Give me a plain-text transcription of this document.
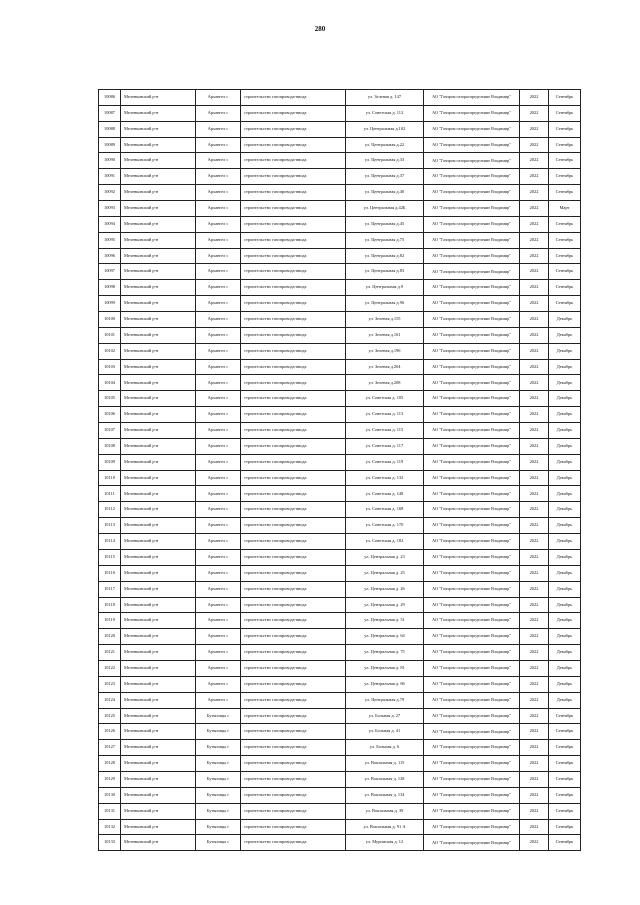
280
10086	Меленковский р-н	Архангел с	строительство газопровода-ввода	ул. Зеленая д. 147	АО "Газпром газораспределение Владимир"	2022	Сентябрь
10087	Меленковский р-н	Архангел с	строительство газопровода-ввода	ул. Советская д. 112	АО "Газпром газораспределение Владимир"	2022	Сентябрь
10088	Меленковский р-н	Архангел с	строительство газопровода-ввода	ул. Центральная д.102	АО "Газпром газораспределение Владимир"	2022	Сентябрь
10089	Меленковский р-н	Архангел с	строительство газопровода-ввода	ул. Центральная д.22	АО "Газпром газораспределение Владимир"	2022	Сентябрь
10090	Меленковский р-н	Архангел с	строительство газопровода-ввода	ул. Центральная д.33	АО "Газпром газораспределение Владимир"	2022	Сентябрь
10091	Меленковский р-н	Архангел с	строительство газопровода-ввода	ул. Центральная д.37	АО "Газпром газораспределение Владимир"	2022	Сентябрь
10092	Меленковский р-н	Архангел с	строительство газопровода-ввода	ул. Центральная д.40	АО "Газпром газораспределение Владимир"	2022	Сентябрь
10093	Меленковский р-н	Архангел с	строительство газопровода-ввода	ул. Центральная д.42Б	АО "Газпром газораспределение Владимир"	2022	Март
10094	Меленковский р-н	Архангел с	строительство газопровода-ввода	ул. Центральная д.45	АО "Газпром газораспределение Владимир"	2022	Сентябрь
10095	Меленковский р-н	Архангел с	строительство газопровода-ввода	ул. Центральная д.75	АО "Газпром газораспределение Владимир"	2022	Сентябрь
10096	Меленковский р-н	Архангел с	строительство газопровода-ввода	ул. Центральная д.82	АО "Газпром газораспределение Владимир"	2022	Сентябрь
10097	Меленковский р-н	Архангел с	строительство газопровода-ввода	ул. Центральная д.83	АО "Газпром газораспределение Владимир"	2022	Сентябрь
10098	Меленковский р-н	Архангел с	строительство газопровода-ввода	ул. Центральная д.9	АО "Газпром газораспределение Владимир"	2022	Сентябрь
10099	Меленковский р-н	Архангел с	строительство газопровода-ввода	ул. Центральная д.96	АО "Газпром газораспределение Владимир"	2022	Сентябрь
10100	Меленковский р-н	Архангел с	строительство газопровода-ввода	ул. Зеленая д.155	АО "Газпром газораспределение Владимир"	2022	Декабрь
10101	Меленковский р-н	Архангел с	строительство газопровода-ввода	ул. Зеленая д.161	АО "Газпром газораспределение Владимир"	2022	Декабрь
10102	Меленковский р-н	Архангел с	строительство газопровода-ввода	ул. Зеленая д.196	АО "Газпром газораспределение Владимир"	2022	Декабрь
10103	Меленковский р-н	Архангел с	строительство газопровода-ввода	ул. Зеленая д.204	АО "Газпром газораспределение Владимир"	2022	Декабрь
10104	Меленковский р-н	Архангел с	строительство газопровода-ввода	ул. Зеленая д.208	АО "Газпром газораспределение Владимир"	2022	Декабрь
10105	Меленковский р-н	Архангел с	строительство газопровода-ввода	ул. Советская д. 105	АО "Газпром газораспределение Владимир"	2022	Декабрь
10106	Меленковский р-н	Архангел с	строительство газопровода-ввода	ул. Советская д. 113	АО "Газпром газораспределение Владимир"	2022	Декабрь
10107	Меленковский р-н	Архангел с	строительство газопровода-ввода	ул. Советская д. 115	АО "Газпром газораспределение Владимир"	2022	Декабрь
10108	Меленковский р-н	Архангел с	строительство газопровода-ввода	ул. Советская д. 117	АО "Газпром газораспределение Владимир"	2022	Декабрь
10109	Меленковский р-н	Архангел с	строительство газопровода-ввода	ул. Советская д. 119	АО "Газпром газораспределение Владимир"	2022	Декабрь
10110	Меленковский р-н	Архангел с	строительство газопровода-ввода	ул. Советская д. 132	АО "Газпром газораспределение Владимир"	2022	Декабрь
10111	Меленковский р-н	Архангел с	строительство газопровода-ввода	ул. Советская д. 148	АО "Газпром газораспределение Владимир"	2022	Декабрь
10112	Меленковский р-н	Архангел с	строительство газопровода-ввода	ул. Советская д. 168	АО "Газпром газораспределение Владимир"	2022	Декабрь
10113	Меленковский р-н	Архангел с	строительство газопровода-ввода	ул. Советская д. 170	АО "Газпром газораспределение Владимир"	2022	Декабрь
10114	Меленковский р-н	Архангел с	строительство газопровода-ввода	ул. Советская д. 182	АО "Газпром газораспределение Владимир"	2022	Декабрь
10115	Меленковский р-н	Архангел с	строительство газопровода-ввода	ул. Центральная д. 23	АО "Газпром газораспределение Владимир"	2022	Декабрь
10116	Меленковский р-н	Архангел с	строительство газопровода-ввода	ул. Центральная д. 25	АО "Газпром газораспределение Владимир"	2022	Декабрь
10117	Меленковский р-н	Архангел с	строительство газопровода-ввода	ул. Центральная д. 26	АО "Газпром газораспределение Владимир"	2022	Декабрь
10118	Меленковский р-н	Архангел с	строительство газопровода-ввода	ул. Центральная д. 29	АО "Газпром газораспределение Владимир"	2022	Декабрь
10119	Меленковский р-н	Архангел с	строительство газопровода-ввода	ул. Центральная д. 51	АО "Газпром газораспределение Владимир"	2022	Декабрь
10120	Меленковский р-н	Архангел с	строительство газопровода-ввода	ул. Центральная д. 64	АО "Газпром газораспределение Владимир"	2022	Декабрь
10121	Меленковский р-н	Архангел с	строительство газопровода-ввода	ул. Центральная д. 75	АО "Газпром газораспределение Владимир"	2022	Декабрь
10122	Меленковский р-н	Архангел с	строительство газопровода-ввода	ул. Центральная д. 81	АО "Газпром газораспределение Владимир"	2022	Декабрь
10123	Меленковский р-н	Архангел с	строительство газопровода-ввода	ул. Центральная д. 86	АО "Газпром газораспределение Владимир"	2022	Декабрь
10124	Меленковский р-н	Архангел с	строительство газопровода-ввода	ул. Центральная д.79	АО "Газпром газораспределение Владимир"	2022	Декабрь
10125	Меленковский р-н	Бутылицы с	строительство газопровода-ввода	ул. Больная д. 27	АО "Газпром газораспределение Владимир"	2022	Сентябрь
10126	Меленковский р-н	Бутылицы с	строительство газопровода-ввода	ул. Больная д. 41	АО "Газпром газораспределение Владимир"	2022	Сентябрь
10127	Меленковский р-н	Бутылицы с	строительство газопровода-ввода	ул. Больная д. 6	АО "Газпром газораспределение Владимир"	2022	Сентябрь
10128	Меленковский р-н	Бутылицы с	строительство газопровода-ввода	ул. Вокзальная д. 115	АО "Газпром газораспределение Владимир"	2022	Сентябрь
10129	Меленковский р-н	Бутылицы с	строительство газопровода-ввода	ул. Вокзальная д. 128	АО "Газпром газораспределение Владимир"	2022	Сентябрь
10130	Меленковский р-н	Бутылицы с	строительство газопровода-ввода	ул. Вокзальная д. 134	АО "Газпром газораспределение Владимир"	2022	Сентябрь
10131	Меленковский р-н	Бутылицы с	строительство газопровода-ввода	ул. Вокзальная д. 39	АО "Газпром газораспределение Владимир"	2022	Сентябрь
10132	Меленковский р-н	Бутылицы с	строительство газопровода-ввода	ул. Вокзальная д. 91 А	АО "Газпром газораспределение Владимир"	2022	Сентябрь
10133	Меленковский р-н	Бутылицы с	строительство газопровода-ввода	ул. Муромская д. 12	АО "Газпром газораспределение Владимир"	2022	Сентябрь
